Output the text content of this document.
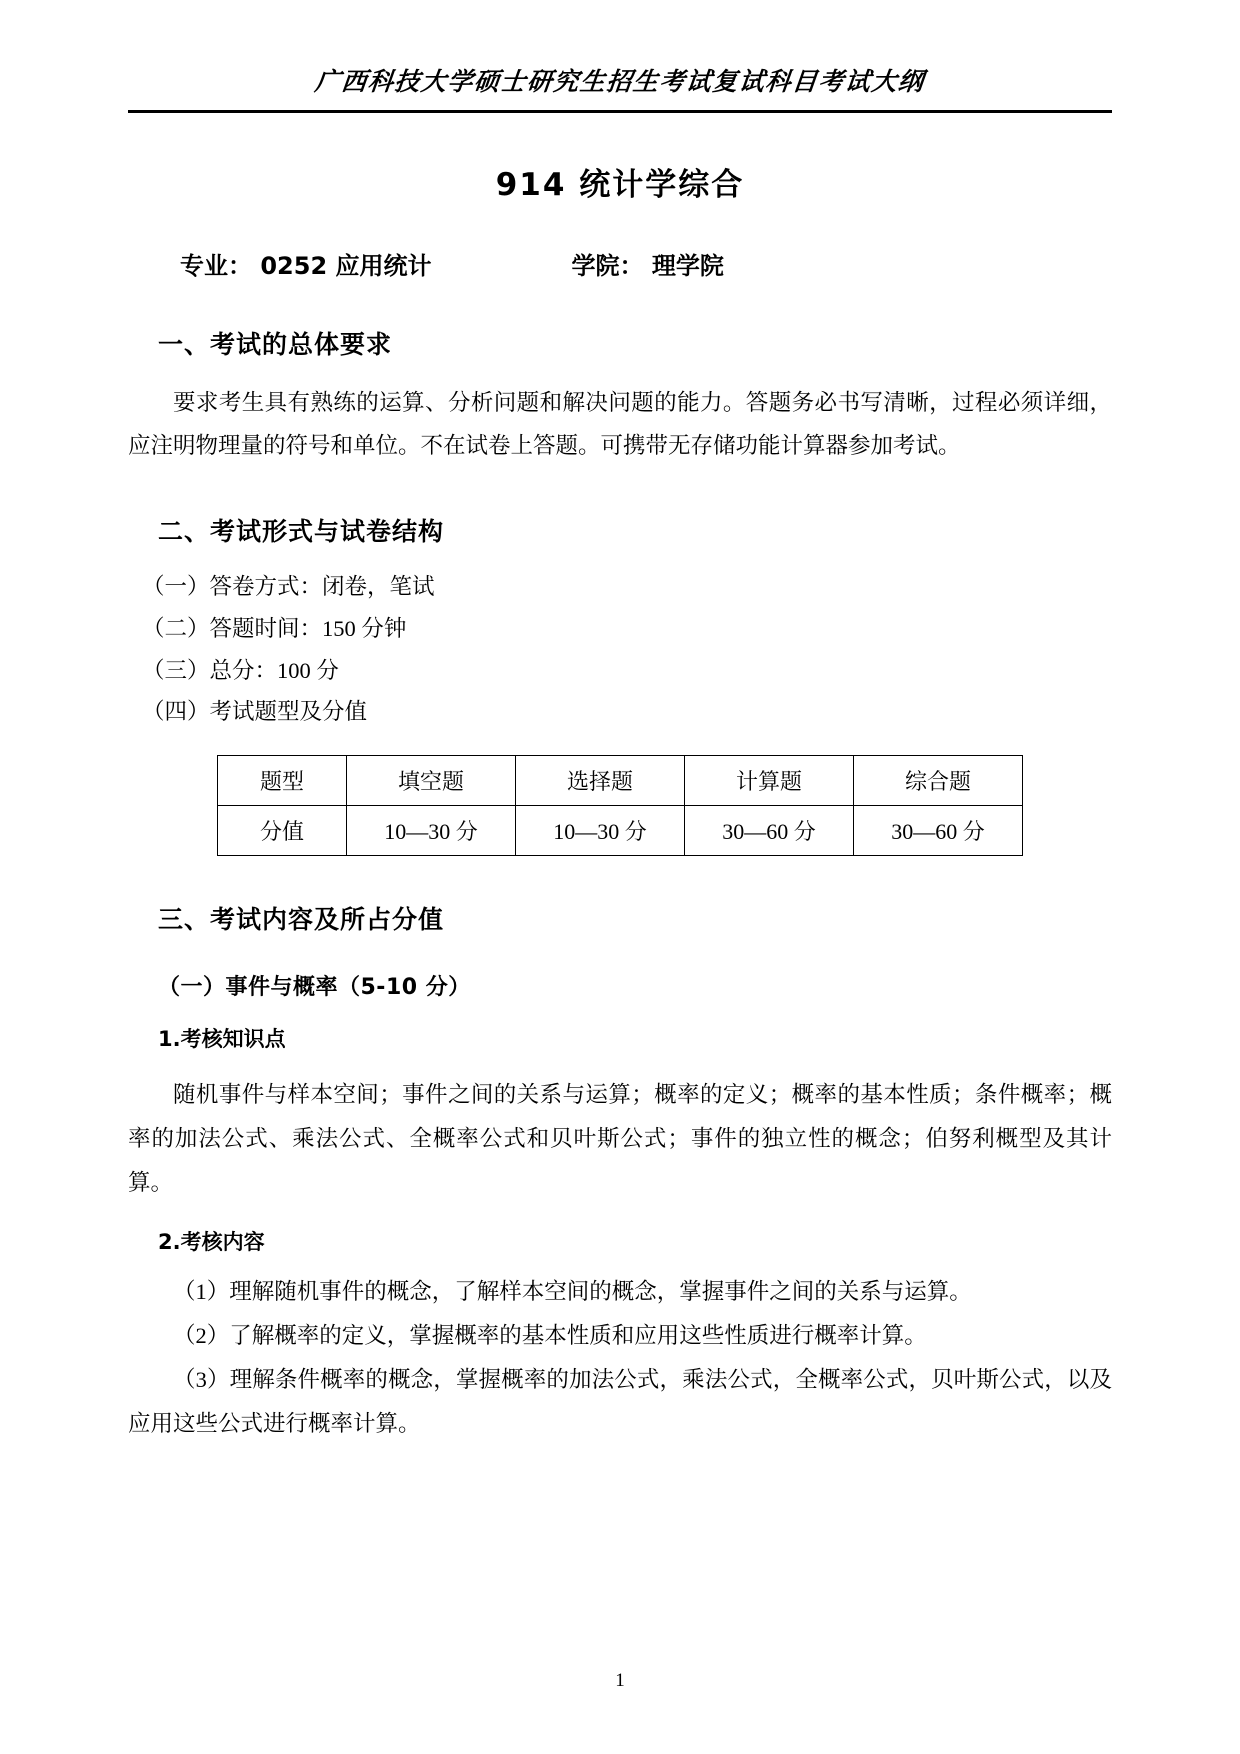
广西科技大学硕士研究生招生考试复试科目考试大纲
914 统计学综合
专业： 0252 应用统计	学院： 理学院
一、考试的总体要求

要求考生具有熟练的运算、分析问题和解决问题的能力。答题务必书写清晰，过程必须详细，应注明物理量的符号和单位。不在试卷上答题。可携带无存储功能计算器参加考试。

二、考试形式与试卷结构
（一）答卷方式：闭卷，笔试
（二）答题时间：150 分钟
（三）总分：100 分
（四）考试题型及分值
题型	填空题	选择题	计算题	综合题
分值	10—30 分	10—30 分	30—60 分	30—60 分
三、考试内容及所占分值
（一）事件与概率（5-10 分）
1.考核知识点

随机事件与样本空间；事件之间的关系与运算；概率的定义；概率的基本性质；条件概率；概率的加法公式、乘法公式、全概率公式和贝叶斯公式；事件的独立性的概念；伯努利概型及其计算。

2.考核内容
（1）理解随机事件的概念，了解样本空间的概念，掌握事件之间的关系与运算。
（2）了解概率的定义，掌握概率的基本性质和应用这些性质进行概率计算。
（3）理解条件概率的概念，掌握概率的加法公式，乘法公式，全概率公式，贝叶斯公式，以及应用这些公式进行概率计算。
1
